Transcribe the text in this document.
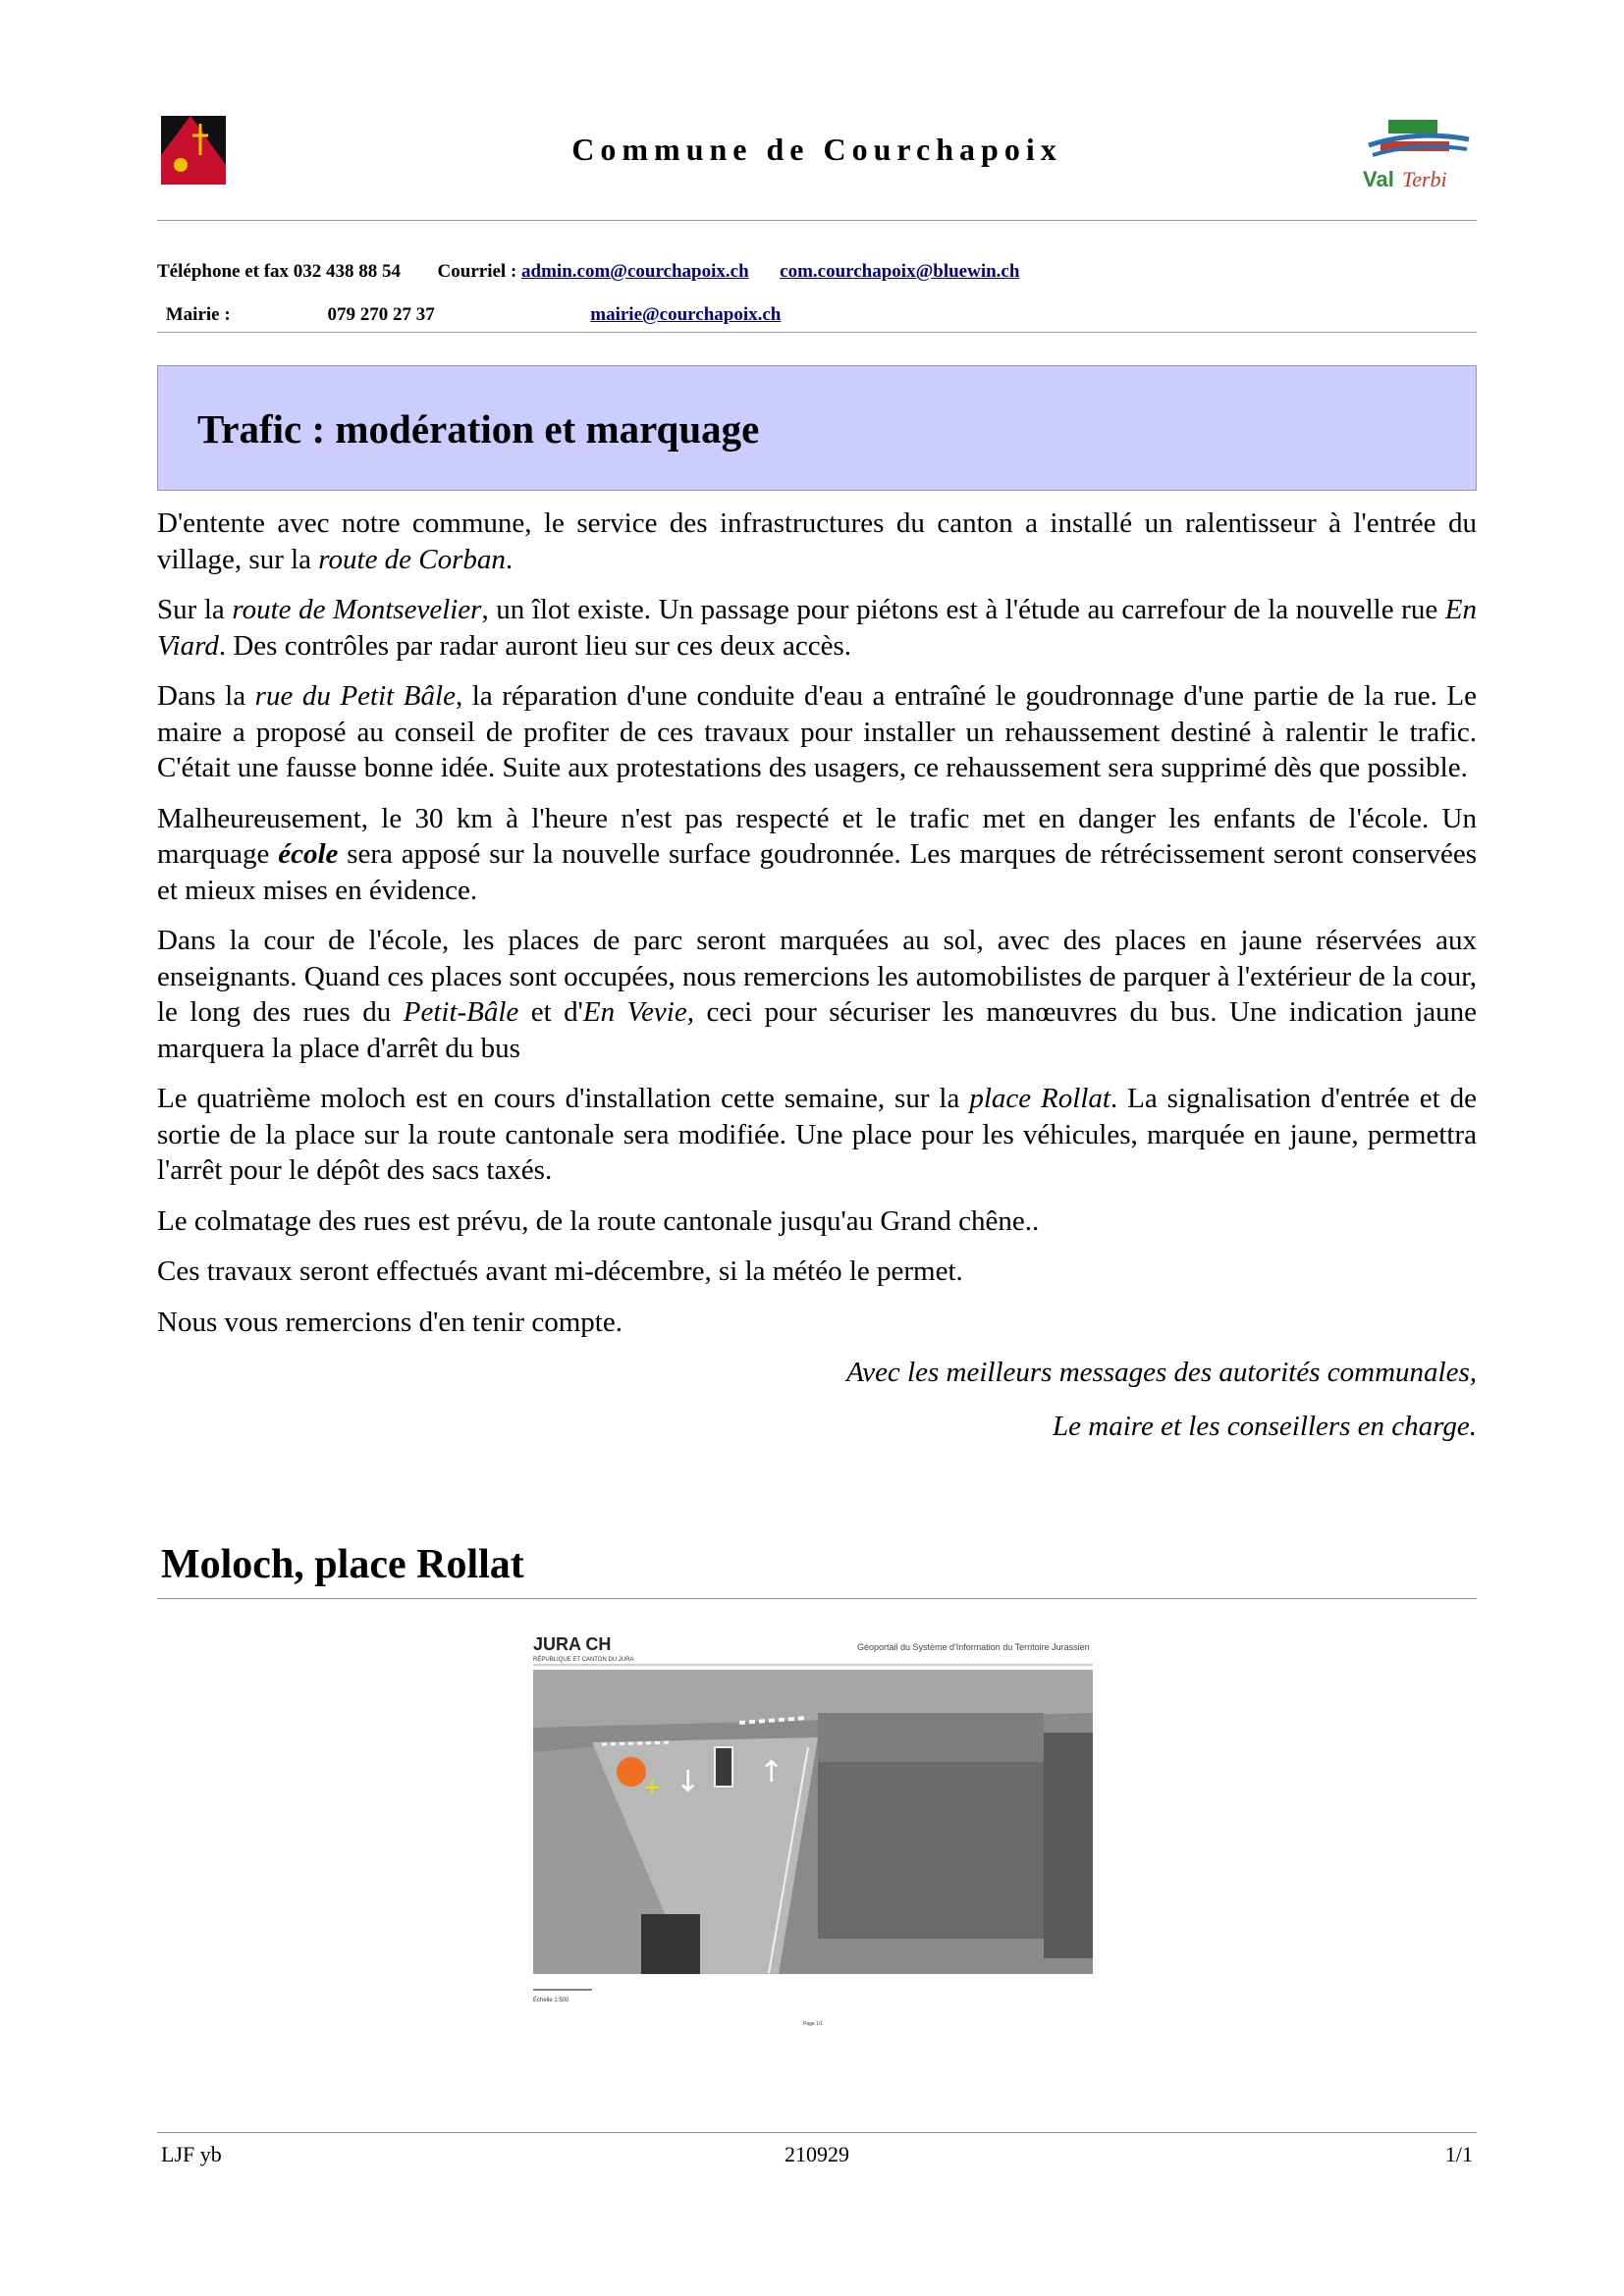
Commune de Courchapoix
Val Terbi
Téléphone et fax 032 438 88 54 Courriel : admin.com@courchapoix.ch com.courchapoix@bluewin.ch
Mairie :	079 270 27 37	mairie@courchapoix.ch
Trafic : modération et marquage

D'entente avec notre commune, le service des infrastructures du canton a installé un ralentisseur à l'entrée du village, sur la route de Corban.

Sur la route de Montsevelier, un îlot existe. Un passage pour piétons est à l'étude au carrefour de la nouvelle rue En Viard. Des contrôles par radar auront lieu sur ces deux accès.

Dans la rue du Petit Bâle, la réparation d'une conduite d'eau a entraîné le goudronnage d'une partie de la rue. Le maire a proposé au conseil de profiter de ces travaux pour installer un rehaussement destiné à ralentir le trafic. C'était une fausse bonne idée. Suite aux protestations des usagers, ce rehaussement sera supprimé dès que possible.

Malheureusement, le 30 km à l'heure n'est pas respecté et le trafic met en danger les enfants de l'école. Un marquage école sera apposé sur la nouvelle surface goudronnée. Les marques de rétrécissement seront conservées et mieux mises en évidence.

Dans la cour de l'école, les places de parc seront marquées au sol, avec des places en jaune réservées aux enseignants. Quand ces places sont occupées, nous remercions les automobilistes de parquer à l'extérieur de la cour, le long des rues du Petit-Bâle et d'En Vevie, ceci pour sécuriser les manœuvres du bus. Une indication jaune marquera la place d'arrêt du bus

Le quatrième moloch est en cours d'installation cette semaine, sur la place Rollat. La signalisation d'entrée et de sortie de la place sur la route cantonale sera modifiée. Une place pour les véhicules, marquée en jaune, permettra l'arrêt pour le dépôt des sacs taxés.

Le colmatage des rues est prévu, de la route cantonale jusqu'au Grand chêne..

Ces travaux seront effectués avant mi-décembre, si la météo le permet.

Nous vous remercions d'en tenir compte.

Avec les meilleurs messages des autorités communales,

Le maire et les conseillers en charge.

Moloch, place Rollat
JURA CH
RÉPUBLIQUE ET CANTON DU JURA
Géoportail du Système d'Information du Territoire Jurassien
+ ↓ ↑
Échelle 1:500
Page 1/1
LJF yb	210929	1/1
